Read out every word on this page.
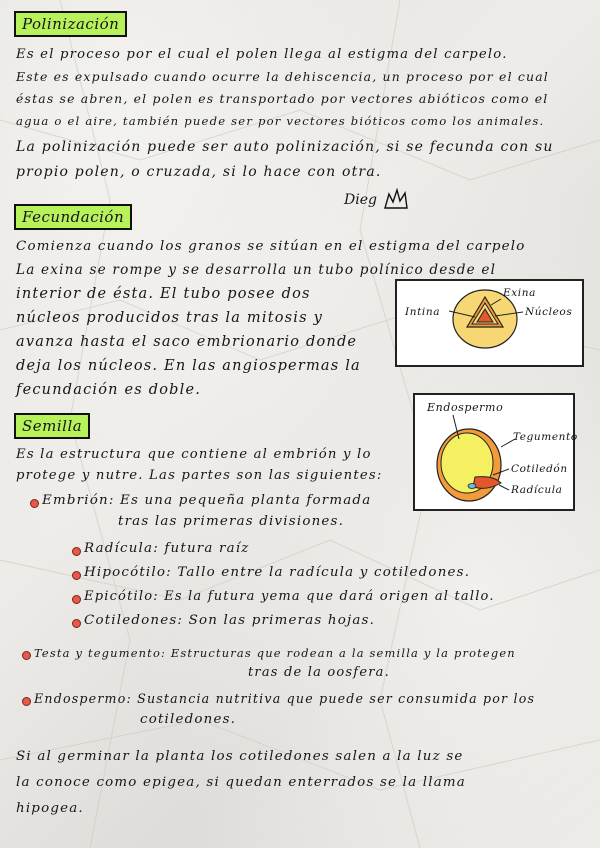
Polinización
Es el proceso por el cual el polen llega al estigma del carpelo.
Este es expulsado cuando ocurre la dehiscencia, un proceso por el cual
éstas se abren, el polen es transportado por vectores abióticos como el
agua o el aire, también puede ser por vectores bióticos como los animales.
La polinización puede ser auto polinización, si se fecunda con su
propio polen, o cruzada, si lo hace con otra.
Dieg
Fecundación
Comienza cuando los granos se sitúan en el estigma del carpelo
La exina se rompe y se desarrolla un tubo polínico desde el
interior de ésta. El tubo posee dos
núcleos producidos tras la mitosis y
avanza hasta el saco embrionario donde
deja los núcleos. En las angiospermas la
fecundación es doble.
Exina
Intina	Núcleos
Endospermo
Tegumento
Cotiledón
Radícula
Semilla
Es la estructura que contiene al embrión y lo
protege y nutre. Las partes son las siguientes:
Embrión: Es una pequeña planta formada
tras las primeras divisiones.
Radícula: futura raíz
Hipocótilo: Tallo entre la radícula y cotiledones.
Epicótilo: Es la futura yema que dará origen al tallo.
Cotiledones: Son las primeras hojas.
Testa y tegumento: Estructuras que rodean a la semilla y la protegen
tras de la oosfera.
Endospermo: Sustancia nutritiva que puede ser consumida por los
cotiledones.
Si al germinar la planta los cotiledones salen a la luz se
la conoce como epigea, si quedan enterrados se la llama
hipogea.
